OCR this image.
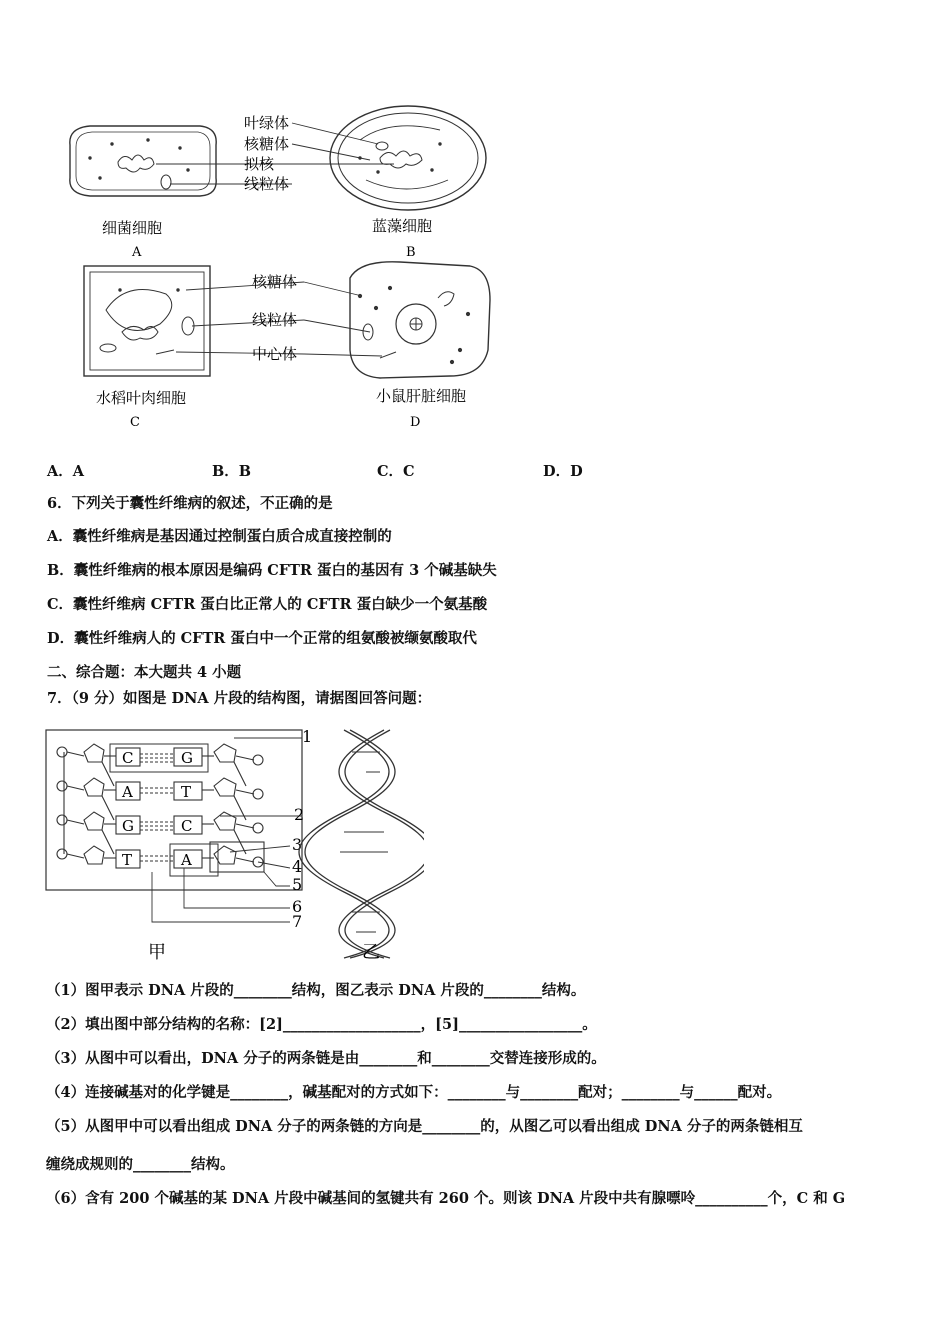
叶绿体
核糖体
拟核
线粒体
核糖体
线粒体
中心体
细菌细胞
A
蓝藻细胞
B
水稻叶肉细胞
C
小鼠肝脏细胞
D
A．A	B．B	C．C	D．D
6．下列关于囊性纤维病的叙述，不正确的是
A．囊性纤维病是基因通过控制蛋白质合成直接控制的
B．囊性纤维病的根本原因是编码 CFTR 蛋白的基因有 3 个碱基缺失
C．囊性纤维病 CFTR 蛋白比正常人的 CFTR 蛋白缺少一个氨基酸
D．囊性纤维病人的 CFTR 蛋白中一个正常的组氨酸被缬氨酸取代
二、综合题：本大题共 4 小题
7．（9 分）如图是 DNA 片段的结构图，请据图回答问题：
C
A
G
T
G
T
C
A
1
2
3
4
5
6
7
甲	乙
（1）图甲表示 DNA 片段的________结构，图乙表示 DNA 片段的________结构。
（2）填出图中部分结构的名称：[2]___________________，[5]_________________。
（3）从图中可以看出，DNA 分子的两条链是由________和________交替连接形成的。
（4）连接碱基对的化学键是________，碱基配对的方式如下：________与________配对；________与______配对。
（5）从图甲中可以看出组成 DNA 分子的两条链的方向是________的，从图乙可以看出组成 DNA 分子的两条链相互
缠绕成规则的________结构。
（6）含有 200 个碱基的某 DNA 片段中碱基间的氢键共有 260 个。则该 DNA 片段中共有腺嘌呤__________个，C 和 G
